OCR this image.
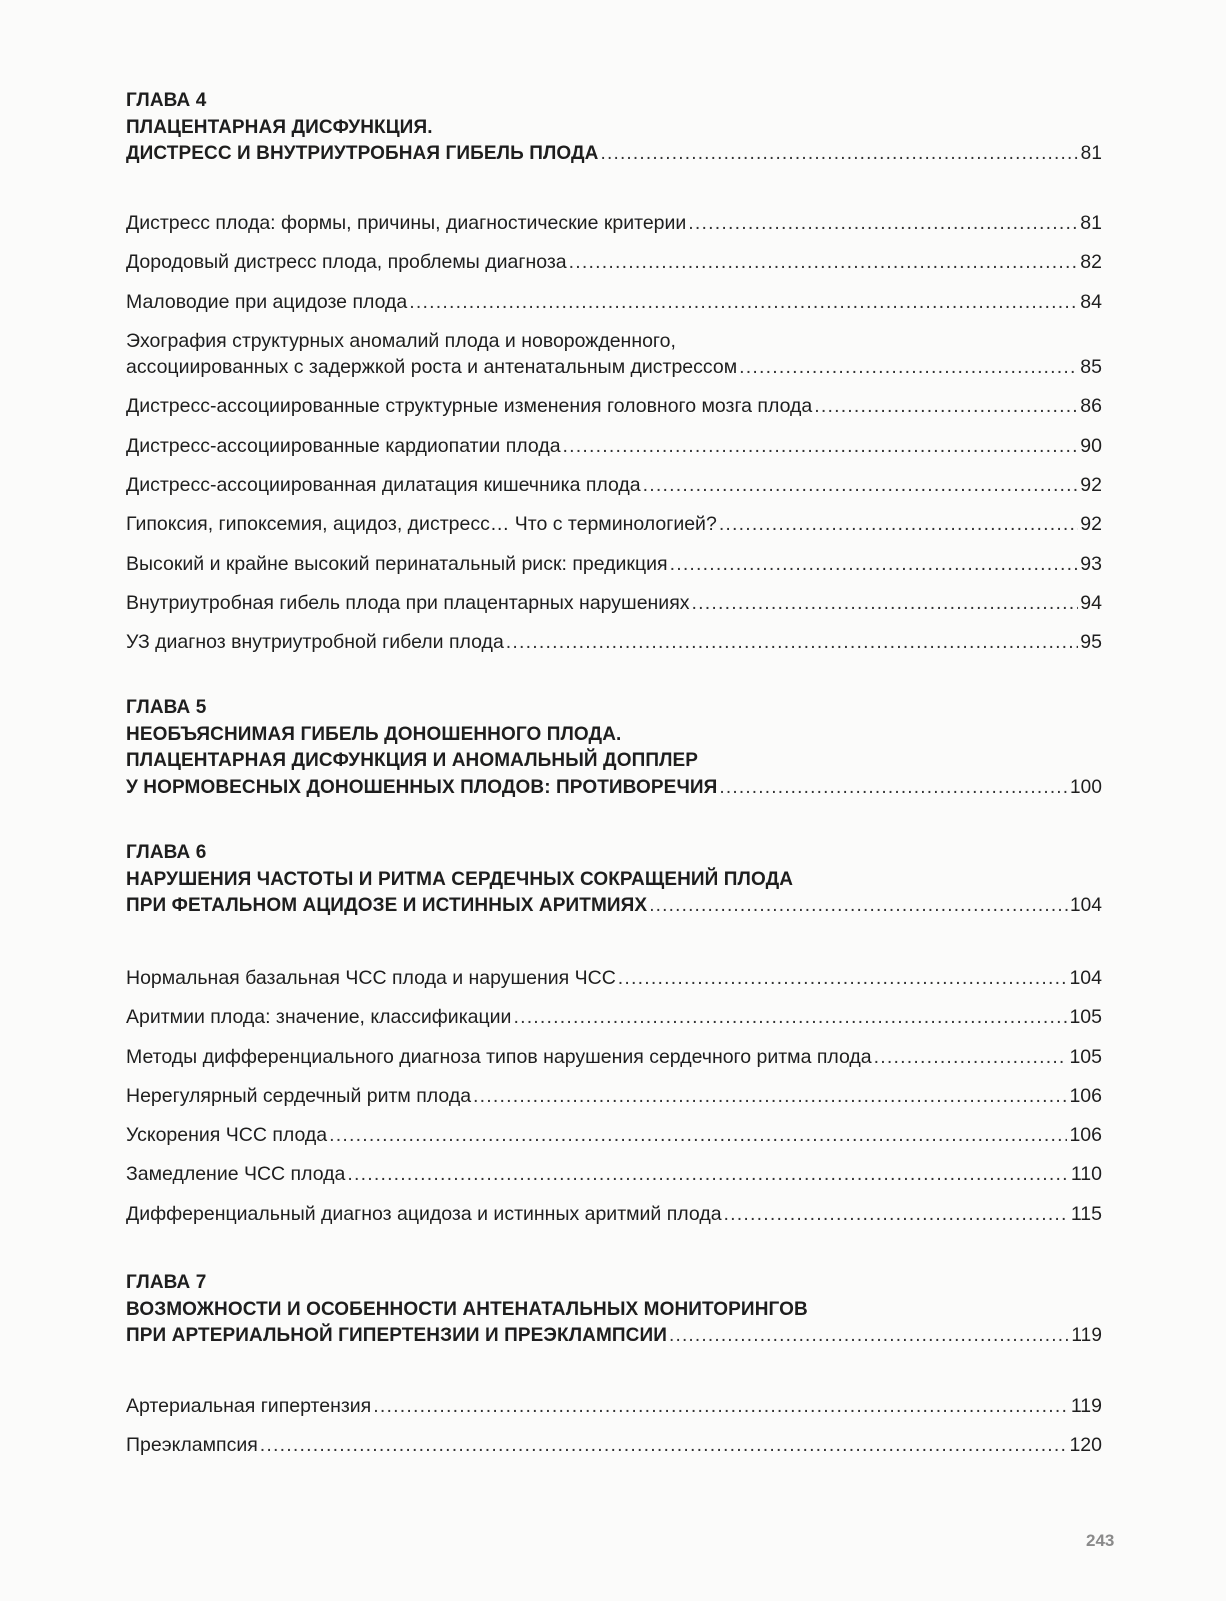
ГЛАВА 4
ПЛАЦЕНТАРНАЯ ДИСФУНКЦИЯ.
ДИСТРЕСС И ВНУТРИУТРОБНАЯ ГИБЕЛЬ ПЛОДА .....	81
Дистресс плода: формы, причины, диагностические критерии .....	81
Дородовый дистресс плода, проблемы диагноза .....	82
Маловодие при ацидозе плода .....	84
Эхография структурных аномалий плода и новорожденного,
ассоциированных с задержкой роста и антенатальным дистрессом .....	85
Дистресс-ассоциированные структурные изменения головного мозга плода .....	86
Дистресс-ассоциированные кардиопатии плода .....	90
Дистресс-ассоциированная дилатация кишечника плода .....	92
Гипоксия, гипоксемия, ацидоз, дистресс… Что с терминологией? .....	92
Высокий и крайне высокий перинатальный риск: предикция .....	93
Внутриутробная гибель плода при плацентарных нарушениях .....	94
УЗ диагноз внутриутробной гибели плода .....	95
ГЛАВА 5
НЕОБЪЯСНИМАЯ ГИБЕЛЬ ДОНОШЕННОГО ПЛОДА.
ПЛАЦЕНТАРНАЯ ДИСФУНКЦИЯ И АНОМАЛЬНЫЙ ДОППЛЕР
У НОРМОВЕСНЫХ ДОНОШЕННЫХ ПЛОДОВ: ПРОТИВОРЕЧИЯ .....	100
ГЛАВА 6
НАРУШЕНИЯ ЧАСТОТЫ И РИТМА СЕРДЕЧНЫХ СОКРАЩЕНИЙ ПЛОДА
ПРИ ФЕТАЛЬНОМ АЦИДОЗЕ И ИСТИННЫХ АРИТМИЯХ .....	104
Нормальная базальная ЧСС плода и нарушения ЧСС .....	104
Аритмии плода: значение, классификации .....	105
Методы дифференциального диагноза типов нарушения сердечного ритма плода .....	105
Нерегулярный сердечный ритм плода .....	106
Ускорения ЧСС плода .....	106
Замедление ЧСС плода .....	110
Дифференциальный диагноз ацидоза и истинных аритмий плода .....	115
ГЛАВА 7
ВОЗМОЖНОСТИ И ОСОБЕННОСТИ АНТЕНАТАЛЬНЫХ МОНИТОРИНГОВ
ПРИ АРТЕРИАЛЬНОЙ ГИПЕРТЕНЗИИ И ПРЕЭКЛАМПСИИ .....	119
Артериальная гипертензия .....	119
Преэклампсия .....	120
243
